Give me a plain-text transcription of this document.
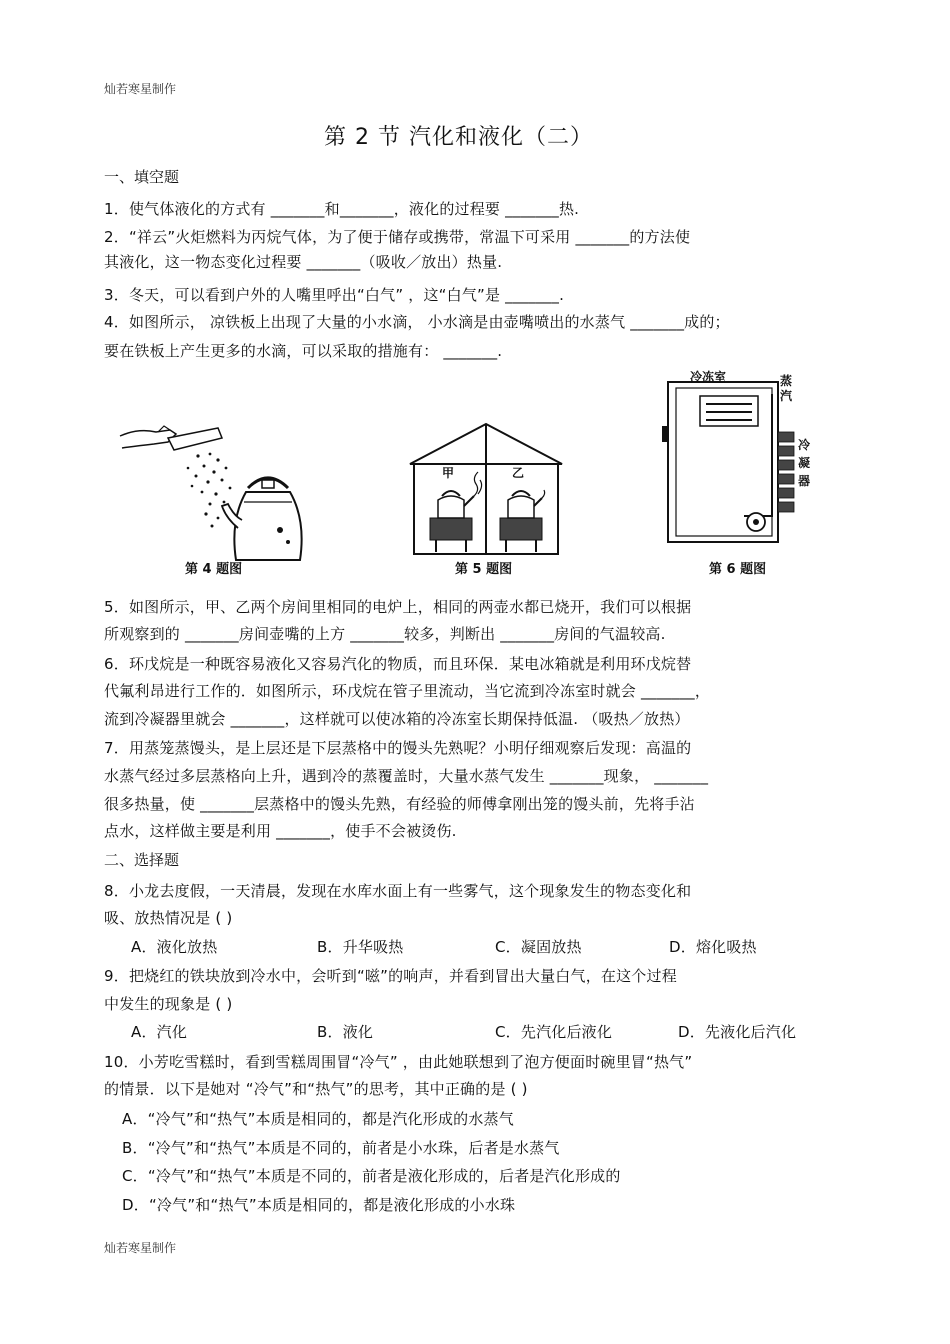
灿若寒星制作
灿若寒星制作
第 2 节 汽化和液化（二）
一、填空题
1．使气体液化的方式有 _______和_______，液化的过程要 _______热.
2．“祥云”火炬燃料为丙烷气体，为了便于储存或携带，常温下可采用 _______的方法使
其液化，这一物态变化过程要 _______（吸收／放出）热量.
3．冬天，可以看到户外的人嘴里呼出“白气” ，这“白气”是 _______.
4．如图所示， 凉铁板上出现了大量的小水滴， 小水滴是由壶嘴喷出的水蒸气 _______成的；
要在铁板上产生更多的水滴，可以采取的措施有： _______.
第 4 题图
甲	乙
第 5 题图
冷冻室	蒸汽
冷凝器
第 6 题图
5．如图所示，甲、乙两个房间里相同的电炉上，相同的两壶水都已烧开，我们可以根据
所观察到的 _______房间壶嘴的上方 _______较多，判断出 _______房间的气温较高.
6．环戊烷是一种既容易液化又容易汽化的物质，而且环保．某电冰箱就是利用环戊烷替
代氟利昂进行工作的．如图所示，环戊烷在管子里流动，当它流到冷冻室时就会 _______，
流到冷凝器里就会 _______，这样就可以使冰箱的冷冻室长期保持低温. （吸热／放热）
7．用蒸笼蒸馒头，是上层还是下层蒸格中的馒头先熟呢？小明仔细观察后发现：高温的
水蒸气经过多层蒸格向上升，遇到冷的蒸覆盖时，大量水蒸气发生 _______现象， _______
很多热量，使 _______层蒸格中的馒头先熟，有经验的师傅拿刚出笼的馒头前，先将手沾
点水，这样做主要是利用 _______，使手不会被烫伤.
二、选择题
8．小龙去度假，一天清晨，发现在水库水面上有一些雾气，这个现象发生的物态变化和
吸、放热情况是 ( )
A．液化放热	B．升华吸热	C．凝固放热	D．熔化吸热
9．把烧红的铁块放到冷水中，会听到“嗞”的响声，并看到冒出大量白气，在这个过程
中发生的现象是 ( )
A．汽化	B．液化	C．先汽化后液化	D．先液化后汽化
10．小芳吃雪糕时，看到雪糕周围冒“冷气” ，由此她联想到了泡方便面时碗里冒“热气”
的情景．以下是她对 “冷气”和“热气”的思考，其中正确的是 ( )
A．“冷气”和“热气”本质是相同的，都是汽化形成的水蒸气
B．“冷气”和“热气”本质是不同的，前者是小水珠，后者是水蒸气
C．“冷气”和“热气”本质是不同的，前者是液化形成的，后者是汽化形成的
D．“冷气”和“热气”本质是相同的，都是液化形成的小水珠
